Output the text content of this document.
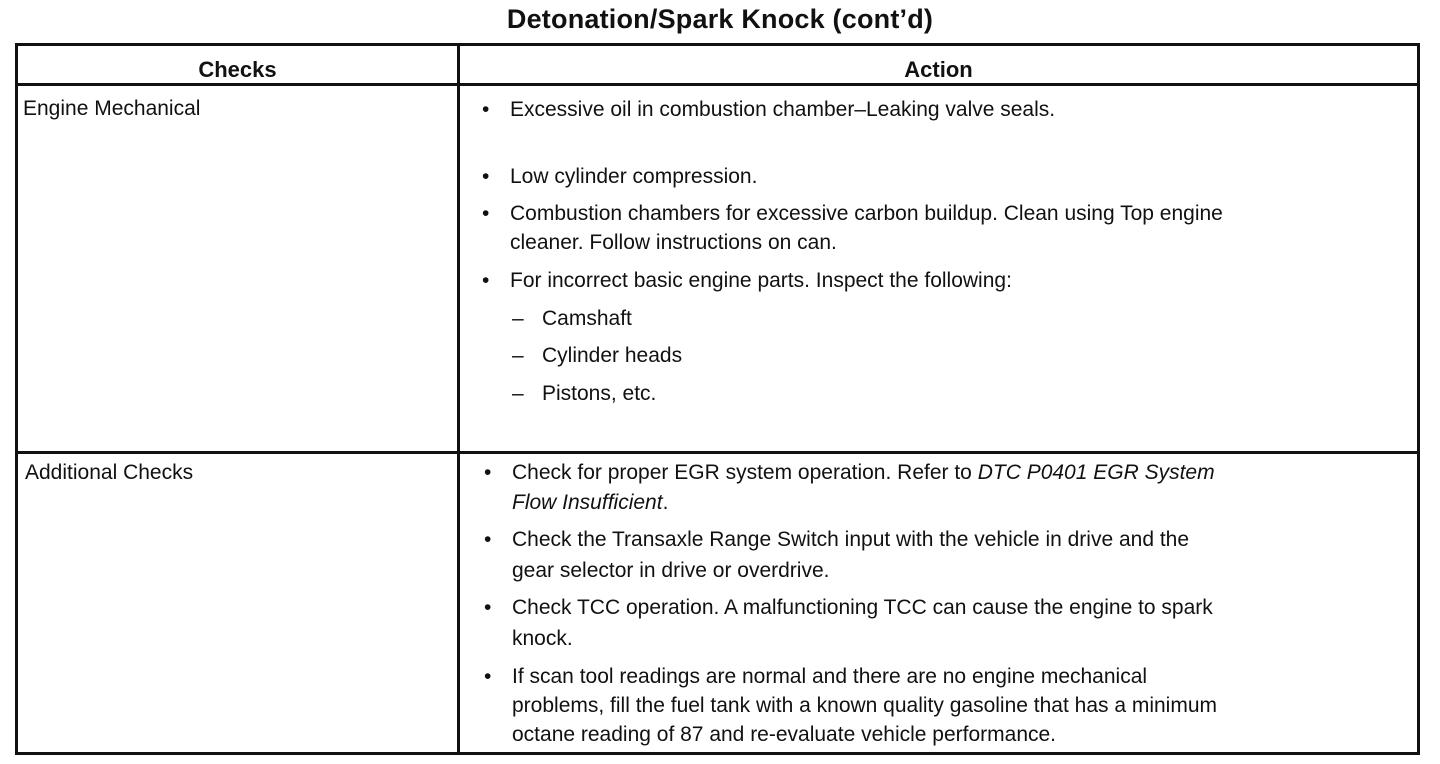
Detonation/Spark Knock (cont’d)
Checks	Action
Engine Mechanical
Additional Checks
• Excessive oil in combustion chamber–Leaking valve seals.
• Low cylinder compression.
• Combustion chambers for excessive carbon buildup. Clean using Top engine
cleaner. Follow instructions on can.
• For incorrect basic engine parts. Inspect the following:
– Camshaft
– Cylinder heads
– Pistons, etc.
• Check for proper EGR system operation. Refer to DTC P0401 EGR System
Flow Insufficient.
• Check the Transaxle Range Switch input with the vehicle in drive and the
gear selector in drive or overdrive.
• Check TCC operation. A malfunctioning TCC can cause the engine to spark
knock.
• If scan tool readings are normal and there are no engine mechanical
problems, fill the fuel tank with a known quality gasoline that has a minimum
octane reading of 87 and re-evaluate vehicle performance.
